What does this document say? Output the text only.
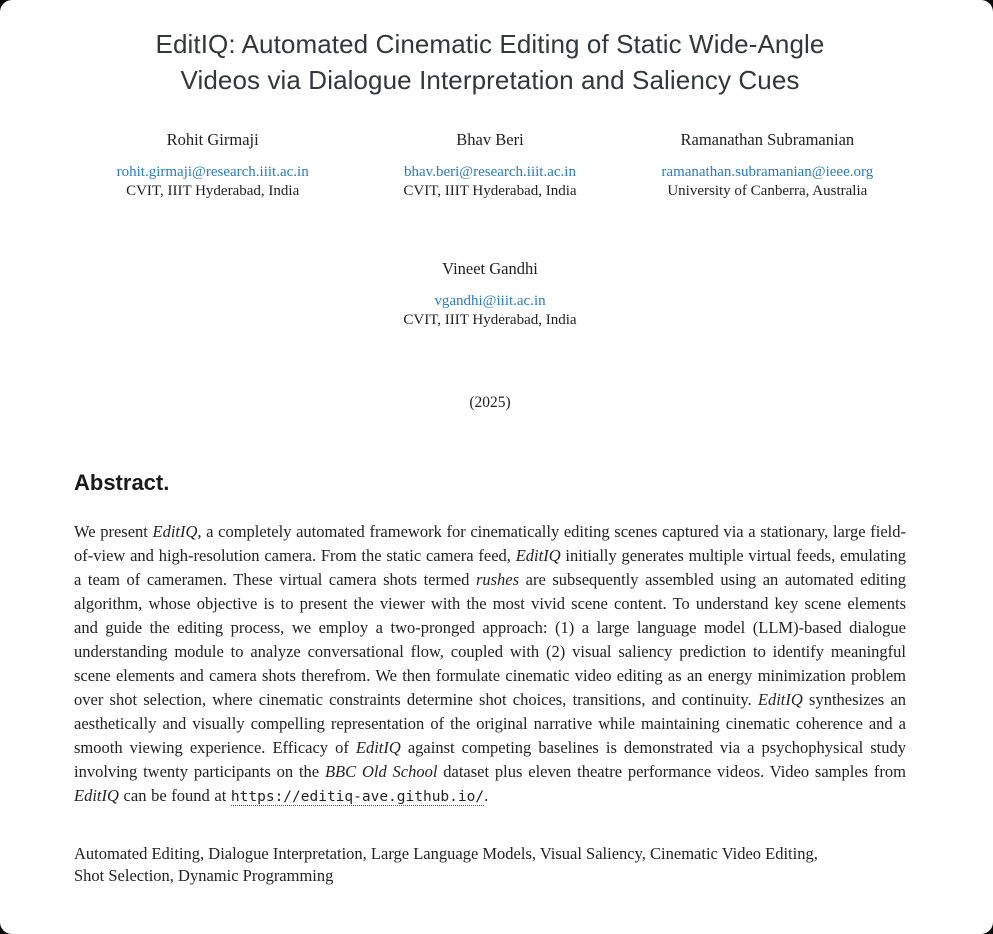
EditIQ: Automated Cinematic Editing of Static Wide-Angle
Videos via Dialogue Interpretation and Saliency Cues
Rohit Girmaji
rohit.girmaji@research.iiit.ac.in
CVIT, IIIT Hyderabad, India
Bhav Beri
bhav.beri@research.iiit.ac.in
CVIT, IIIT Hyderabad, India
Ramanathan Subramanian
ramanathan.subramanian@ieee.org
University of Canberra, Australia
Vineet Gandhi
vgandhi@iiit.ac.in
CVIT, IIIT Hyderabad, India
(2025)
Abstract.

We present EditIQ, a completely automated framework for cinematically editing scenes captured via a stationary, large field-of-view and high-resolution camera. From the static camera feed, EditIQ initially generates multiple virtual feeds, emulating a team of cameramen. These virtual camera shots termed rushes are subsequently assembled using an automated editing algorithm, whose objective is to present the viewer with the most vivid scene content. To understand key scene elements and guide the editing process, we employ a two-pronged approach: (1) a large language model (LLM)-based dialogue understanding module to analyze conversational flow, coupled with (2) visual saliency prediction to identify meaningful scene elements and camera shots therefrom. We then formulate cinematic video editing as an energy minimization problem over shot selection, where cinematic constraints determine shot choices, transitions, and continuity. EditIQ synthesizes an aesthetically and visually compelling representation of the original narrative while maintaining cinematic coherence and a smooth viewing experience. Efficacy of EditIQ against competing baselines is demonstrated via a psychophysical study involving twenty participants on the BBC Old School dataset plus eleven theatre performance videos. Video samples from EditIQ can be found at https://editiq-ave.github.io/.

Automated Editing, Dialogue Interpretation, Large Language Models, Visual Saliency, Cinematic Video Editing, Shot Selection, Dynamic Programming
